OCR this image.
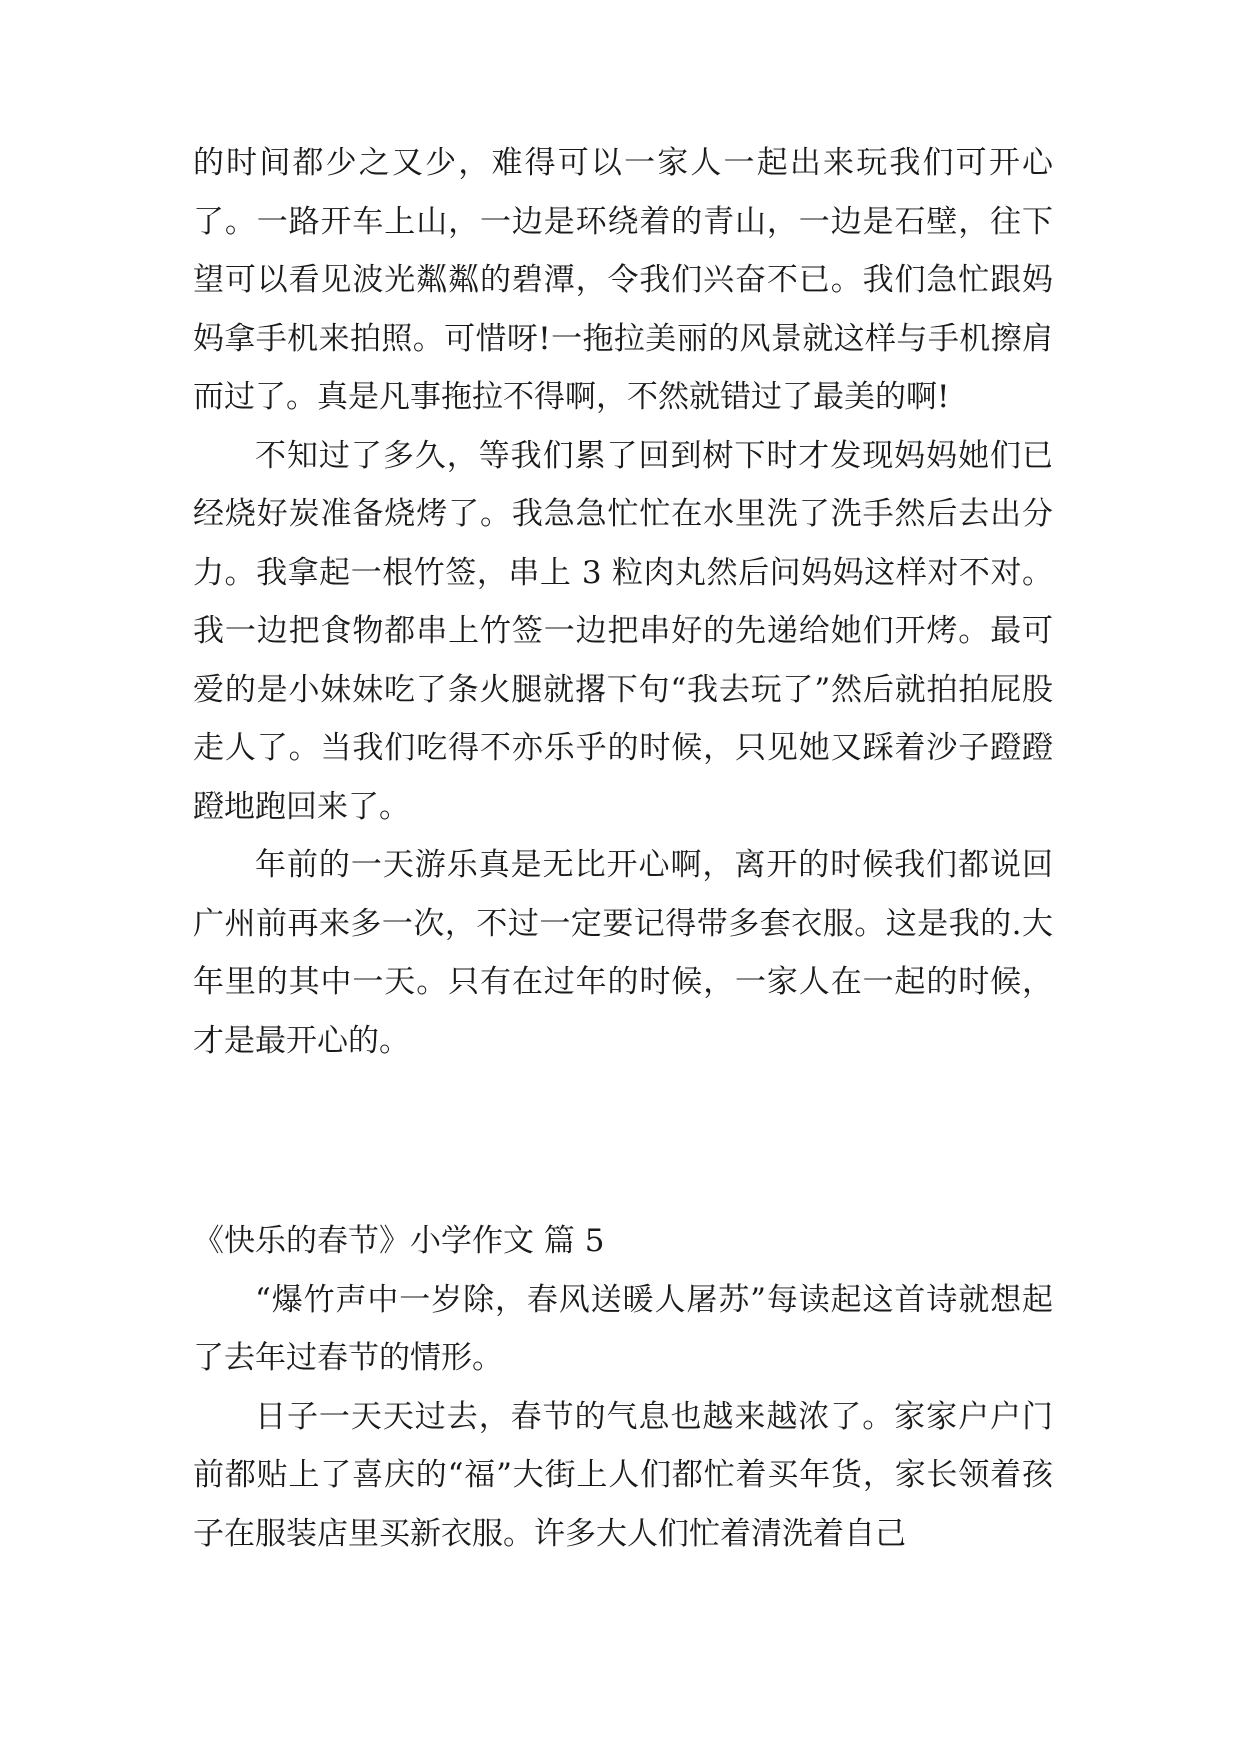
的时间都少之又少，难得可以一家人一起出来玩我们可开心了。一路开车上山，一边是环绕着的青山，一边是石壁，往下望可以看见波光粼粼的碧潭，令我们兴奋不已。我们急忙跟妈妈拿手机来拍照。可惜呀!一拖拉美丽的风景就这样与手机擦肩而过了。真是凡事拖拉不得啊，不然就错过了最美的啊!

不知过了多久，等我们累了回到树下时才发现妈妈她们已经烧好炭准备烧烤了。我急急忙忙在水里洗了洗手然后去出分力。我拿起一根竹签，串上 3 粒肉丸然后问妈妈这样对不对。我一边把食物都串上竹签一边把串好的先递给她们开烤。最可爱的是小妹妹吃了条火腿就撂下句“我去玩了”然后就拍拍屁股走人了。当我们吃得不亦乐乎的时候，只见她又踩着沙子蹬蹬蹬地跑回来了。

年前的一天游乐真是无比开心啊，离开的时候我们都说回广州前再来多一次，不过一定要记得带多套衣服。这是我的.大年里的其中一天。只有在过年的时候，一家人在一起的时候，才是最开心的。

《快乐的春节》小学作文 篇 5

“爆竹声中一岁除，春风送暖人屠苏”每读起这首诗就想起了去年过春节的情形。

日子一天天过去，春节的气息也越来越浓了。家家户户门前都贴上了喜庆的“福”大街上人们都忙着买年货，家长领着孩子在服装店里买新衣服。许多大人们忙着清洗着自己
